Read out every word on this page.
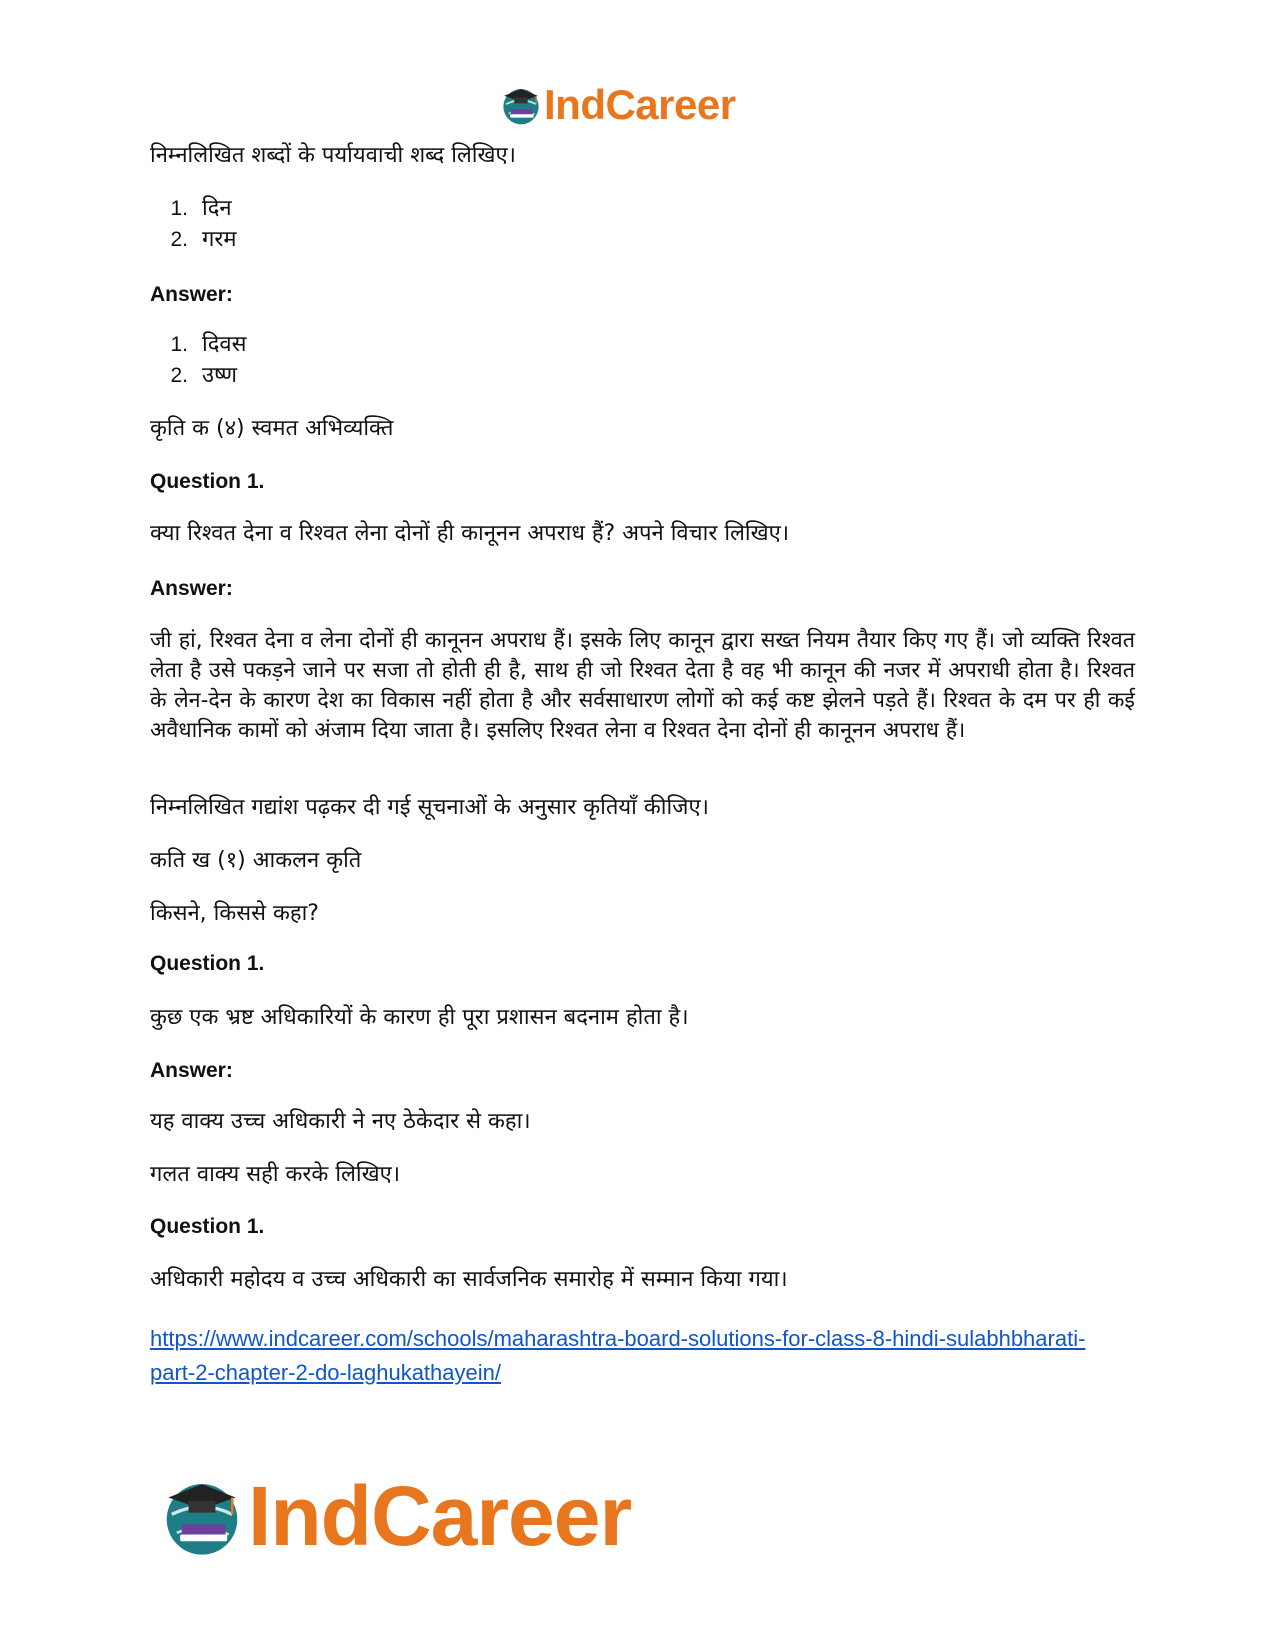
IndCareer

निम्नलिखित शब्दों के पर्यायवाची शब्द लिखिए।

1. दिन
2. गरम

Answer:

1. दिवस
2. उष्ण

कृति क (४) स्वमत अभिव्यक्ति

Question 1.

क्या रिश्वत देना व रिश्वत लेना दोनों ही कानूनन अपराध हैं? अपने विचार लिखिए।

Answer:

जी हां, रिश्वत देना व लेना दोनों ही कानूनन अपराध हैं। इसके लिए कानून द्वारा सख्त नियम तैयार किए गए हैं। जो व्यक्ति रिश्वत लेता है उसे पकड़ने जाने पर सजा तो होती ही है, साथ ही जो रिश्वत देता है वह भी कानून की नजर में अपराधी होता है। रिश्वत के लेन-देन के कारण देश का विकास नहीं होता है और सर्वसाधारण लोगों को कई कष्ट झेलने पड़ते हैं। रिश्वत के दम पर ही कई अवैधानिक कामों को अंजाम दिया जाता है। इसलिए रिश्वत लेना व रिश्वत देना दोनों ही कानूनन अपराध हैं।

निम्नलिखित गद्यांश पढ़कर दी गई सूचनाओं के अनुसार कृतियाँ कीजिए।

कति ख (१) आकलन कृति

किसने, किससे कहा?

Question 1.

कुछ एक भ्रष्ट अधिकारियों के कारण ही पूरा प्रशासन बदनाम होता है।

Answer:

यह वाक्य उच्च अधिकारी ने नए ठेकेदार से कहा।

गलत वाक्य सही करके लिखिए।

Question 1.

अधिकारी महोदय व उच्च अधिकारी का सार्वजनिक समारोह में सम्मान किया गया।

https://www.indcareer.com/schools/maharashtra-board-solutions-for-class-8-hindi-sulabhbharati-
part-2-chapter-2-do-laghukathayein/
IndCareer
